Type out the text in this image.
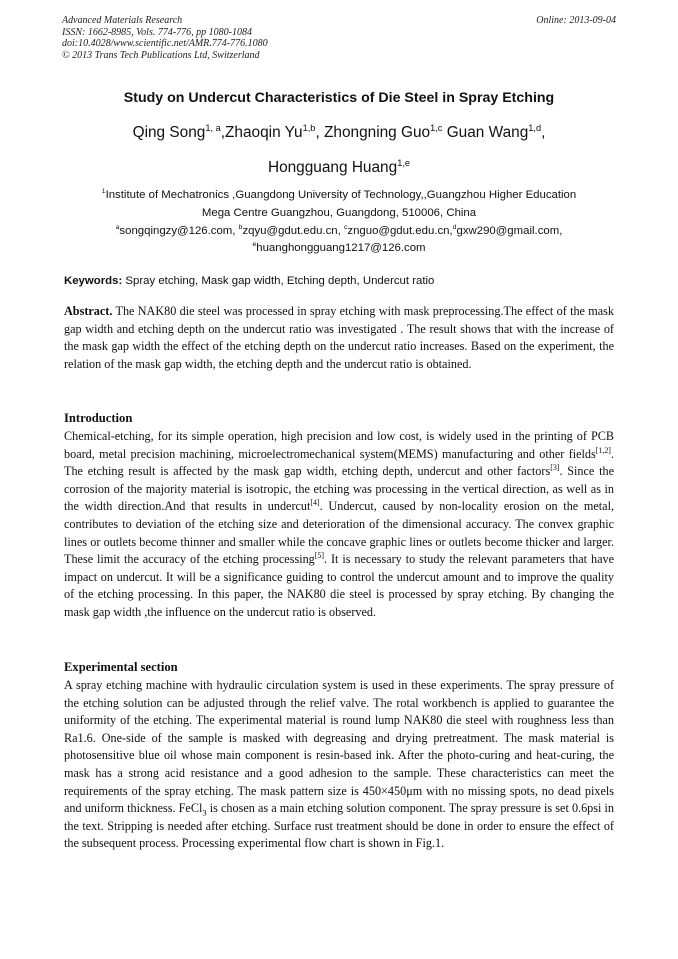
Advanced Materials Research
ISSN: 1662-8985, Vols. 774-776, pp 1080-1084
doi:10.4028/www.scientific.net/AMR.774-776.1080
© 2013 Trans Tech Publications Ltd, Switzerland
Online: 2013-09-04
Study on Undercut Characteristics of Die Steel in Spray Etching
Qing Song$^{1, a}$,Zhaoqin Yu$^{1,b}$, Zhongning Guo$^{1,c}$ Guan Wang$^{1,d}$,
Hongguang Huang$^{1,e}$
$^1$Institute of Mechatronics ,Guangdong University of Technology,,Guangzhou Higher Education
Mega Centre Guangzhou, Guangdong, 510006, China
$^a$songqingzy@126.com, $^b$zqyu@gdut.edu.cn, $^c$znguo@gdut.edu.cn,$^d$gxw290@gmail.com,
$^e$huanghongguang1217@126.com
Keywords: Spray etching, Mask gap width, Etching depth, Undercut ratio
Abstract. The NAK80 die steel was processed in spray etching with mask preprocessing.The effect of the mask gap width and etching depth on the undercut ratio was investigated . The result shows that with the increase of the mask gap width the effect of the etching depth on the undercut ratio increases. Based on the experiment, the relation of the mask gap width, the etching depth and the undercut ratio is obtained.
Introduction
Chemical-etching, for its simple operation, high precision and low cost, is widely used in the printing of PCB board, metal precision machining, microelectromechanical system(MEMS) manufacturing and other fields[1,2]. The etching result is affected by the mask gap width, etching depth, undercut and other factors[3]. Since the corrosion of the majority material is isotropic, the etching was processing in the vertical direction, as well as in the width direction.And that results in undercut[4]. Undercut, caused by non-locality erosion on the metal, contributes to deviation of the etching size and deterioration of the dimensional accuracy. The convex graphic lines or outlets become thinner and smaller while the concave graphic lines or outlets become thicker and larger. These limit the accuracy of the etching processing[5]. It is necessary to study the relevant parameters that have impact on undercut. It will be a significance guiding to control the undercut amount and to improve the quality of the etching processing. In this paper, the NAK80 die steel is processed by spray etching. By changing the mask gap width ,the influence on the undercut ratio is observed.
Experimental section
A spray etching machine with hydraulic circulation system is used in these experiments. The spray pressure of the etching solution can be adjusted through the relief valve. The rotal workbench is applied to guarantee the uniformity of the etching. The experimental material is round lump NAK80 die steel with roughness less than Ra1.6. One-side of the sample is masked with degreasing and drying pretreatment. The mask material is photosensitive blue oil whose main component is resin-based ink. After the photo-curing and heat-curing, the mask has a strong acid resistance and a good adhesion to the sample. These characteristics can meet the requirements of the spray etching. The mask pattern size is 450×450μm with no missing spots, no dead pixels and uniform thickness. FeCl$_3$ is chosen as a main etching solution component. The spray pressure is set 0.6psi in the text. Stripping is needed after etching. Surface rust treatment should be done in order to ensure the effect of the subsequent process. Processing experimental flow chart is shown in Fig.1.
